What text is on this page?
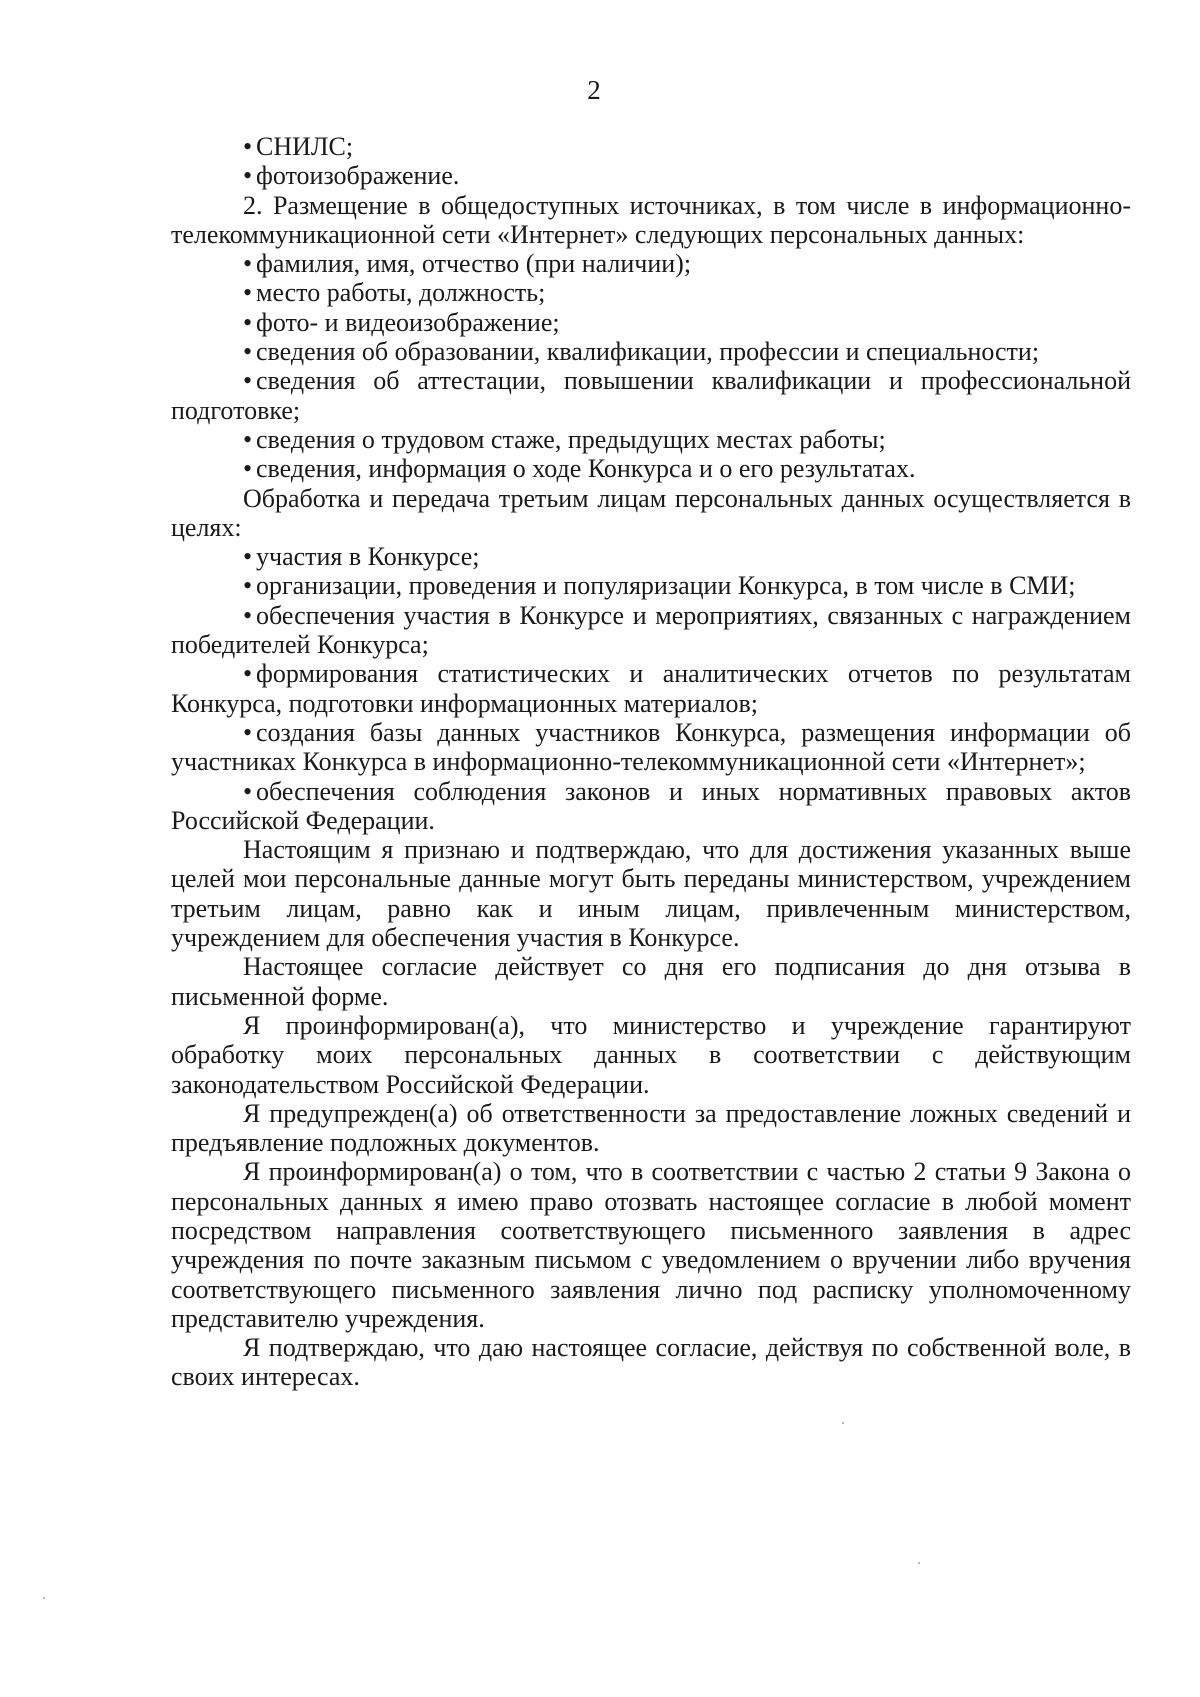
2

• СНИЛС;

• фотоизображение.

2. Размещение в общедоступных источниках, в том числе в информационно-телекоммуникационной сети «Интернет» следующих персональных данных:

• фамилия, имя, отчество (при наличии);

• место работы, должность;

• фото- и видеоизображение;

• сведения об образовании, квалификации, профессии и специальности;

• сведения об аттестации, повышении квалификации и профессиональной подготовке;

• сведения о трудовом стаже, предыдущих местах работы;

• сведения, информация о ходе Конкурса и о его результатах.

Обработка и передача третьим лицам персональных данных осуществляется в целях:

• участия в Конкурсе;

• организации, проведения и популяризации Конкурса, в том числе в СМИ;

• обеспечения участия в Конкурсе и мероприятиях, связанных с награждением победителей Конкурса;

• формирования статистических и аналитических отчетов по результатам Конкурса, подготовки информационных материалов;

• создания базы данных участников Конкурса, размещения информации об участниках Конкурса в информационно-телекоммуникационной сети «Интернет»;

• обеспечения соблюдения законов и иных нормативных правовых актов Российской Федерации.

Настоящим я признаю и подтверждаю, что для достижения указанных выше целей мои персональные данные могут быть переданы министерством, учреждением третьим лицам, равно как и иным лицам, привлеченным министерством, учреждением для обеспечения участия в Конкурсе.

Настоящее согласие действует со дня его подписания до дня отзыва в письменной форме.

Я проинформирован(а), что министерство и учреждение гарантируют обработку моих персональных данных в соответствии с действующим законодательством Российской Федерации.

Я предупрежден(а) об ответственности за предоставление ложных сведений и предъявление подложных документов.

Я проинформирован(а) о том, что в соответствии с частью 2 статьи 9 Закона о персональных данных я имею право отозвать настоящее согласие в любой момент посредством направления соответствующего письменного заявления в адрес учреждения по почте заказным письмом с уведомлением о вручении либо вручения соответствующего письменного заявления лично под расписку уполномоченному представителю учреждения.

Я подтверждаю, что даю настоящее согласие, действуя по собственной воле, в своих интересах.
